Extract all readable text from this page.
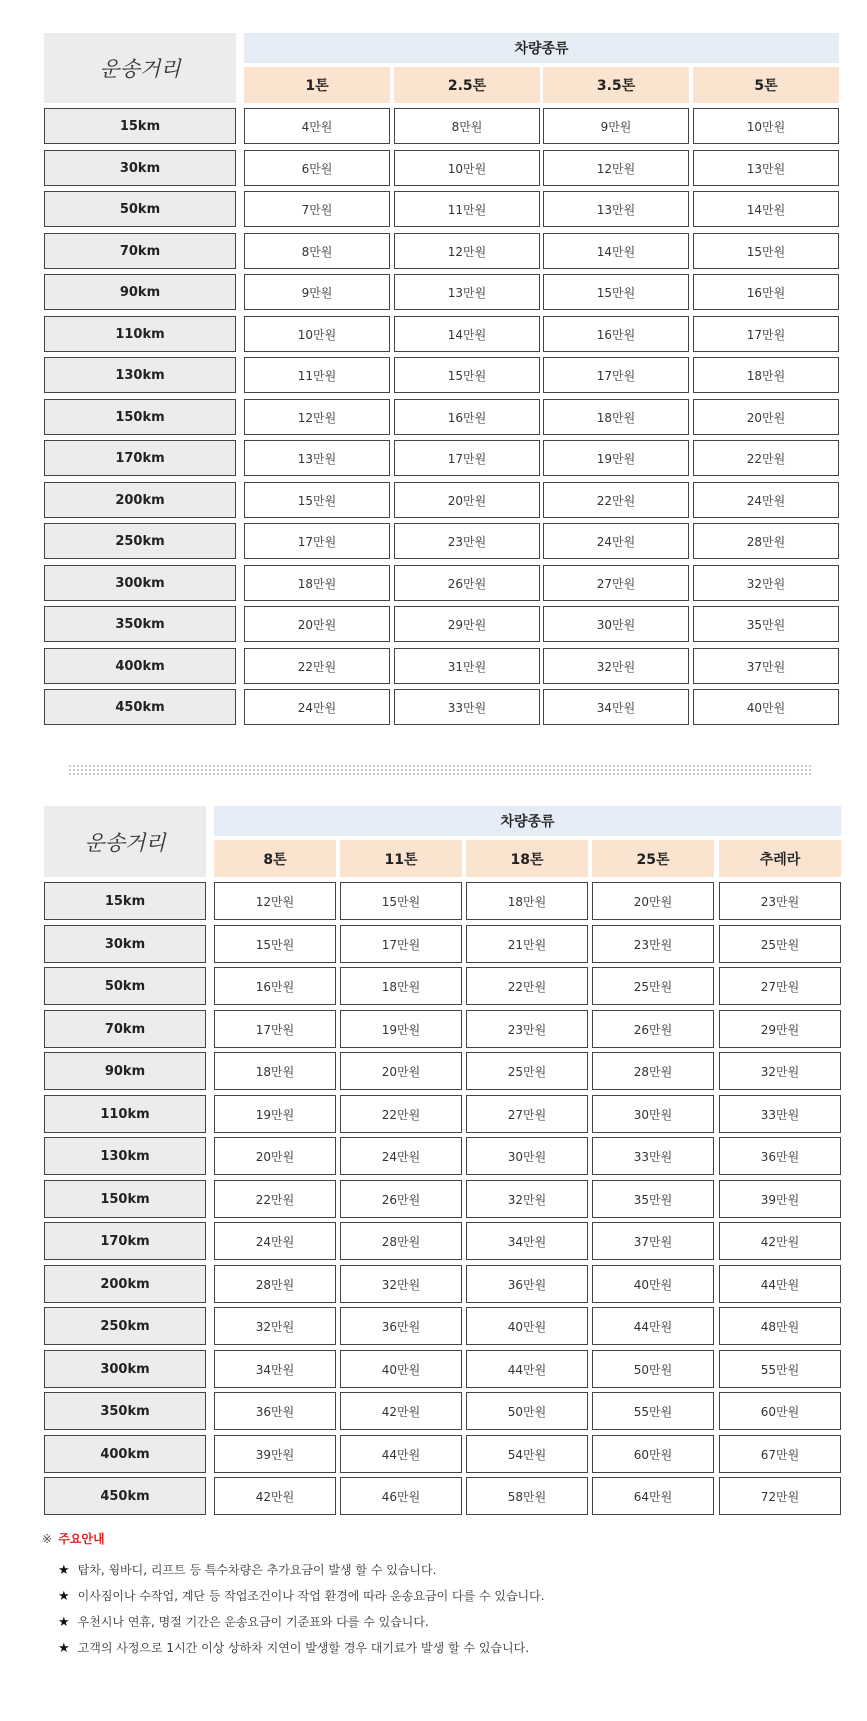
운송거리
차량종류
1톤	2.5톤	3.5톤	5톤
15km	4만원	8만원	9만원	10만원
30km	6만원	10만원	12만원	13만원
50km	7만원	11만원	13만원	14만원
70km	8만원	12만원	14만원	15만원
90km	9만원	13만원	15만원	16만원
110km	10만원	14만원	16만원	17만원
130km	11만원	15만원	17만원	18만원
150km	12만원	16만원	18만원	20만원
170km	13만원	17만원	19만원	22만원
200km	15만원	20만원	22만원	24만원
250km	17만원	23만원	24만원	28만원
300km	18만원	26만원	27만원	32만원
350km	20만원	29만원	30만원	35만원
400km	22만원	31만원	32만원	37만원
450km	24만원	33만원	34만원	40만원
운송거리
차량종류
8톤	11톤	18톤	25톤	추레라
15km	12만원	15만원	18만원	20만원	23만원
30km	15만원	17만원	21만원	23만원	25만원
50km	16만원	18만원	22만원	25만원	27만원
70km	17만원	19만원	23만원	26만원	29만원
90km	18만원	20만원	25만원	28만원	32만원
110km	19만원	22만원	27만원	30만원	33만원
130km	20만원	24만원	30만원	33만원	36만원
150km	22만원	26만원	32만원	35만원	39만원
170km	24만원	28만원	34만원	37만원	42만원
200km	28만원	32만원	36만원	40만원	44만원
250km	32만원	36만원	40만원	44만원	48만원
300km	34만원	40만원	44만원	50만원	55만원
350km	36만원	42만원	50만원	55만원	60만원
400km	39만원	44만원	54만원	60만원	67만원
450km	42만원	46만원	58만원	64만원	72만원
※ 주요안내
★ 탑차, 윙바디, 리프트 등 특수차량은 추가요금이 발생 할 수 있습니다.
★ 이사짐이나 수작업, 계단 등 작업조건이나 작업 환경에 따라 운송요금이 다를 수 있습니다.
★ 우천시나 연휴, 명절 기간은 운송요금이 기준표와 다를 수 있습니다.
★ 고객의 사정으로 1시간 이상 상하차 지연이 발생할 경우 대기료가 발생 할 수 있습니다.
